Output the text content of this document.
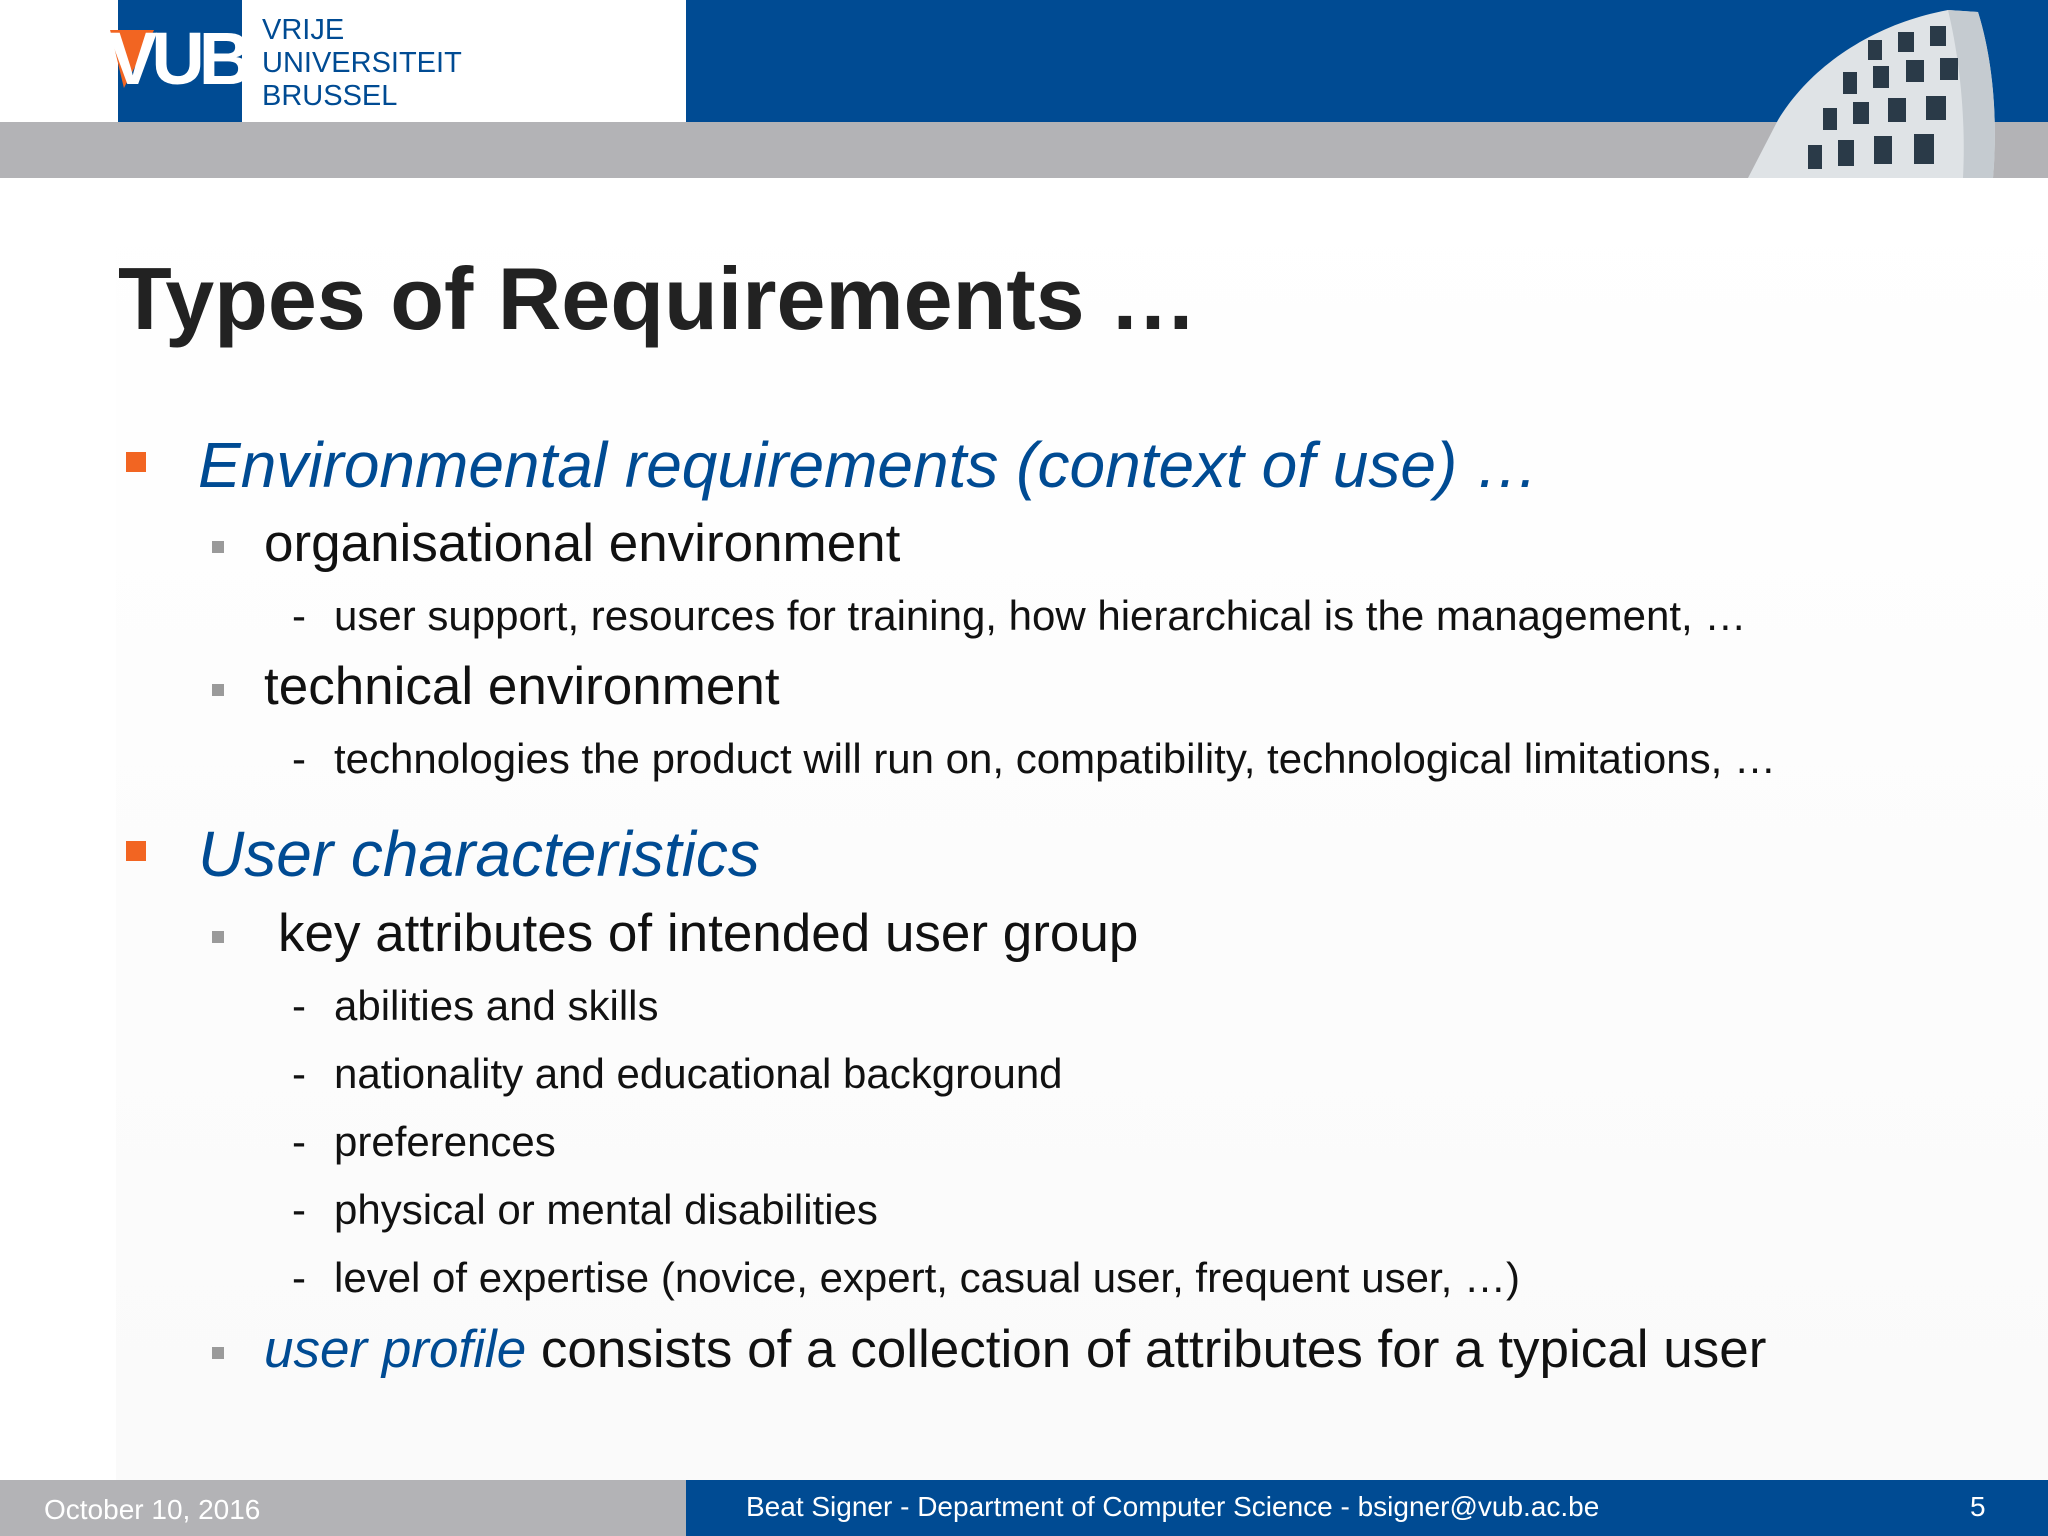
VUB VRIJE
UNIVERSITEIT
BRUSSEL
Types of Requirements …
Environmental requirements (context of use) …
organisational environment
- user support, resources for training, how hierarchical is the management, …
technical environment
- technologies the product will run on, compatibility, technological limitations, …
User characteristics
key attributes of intended user group
- abilities and skills
- nationality and educational background
- preferences
- physical or mental disabilities
- level of expertise (novice, expert, casual user, frequent user, …)
user profile consists of a collection of attributes for a typical user
October 10, 2016	Beat Signer - Department of Computer Science - bsigner@vub.ac.be	5
